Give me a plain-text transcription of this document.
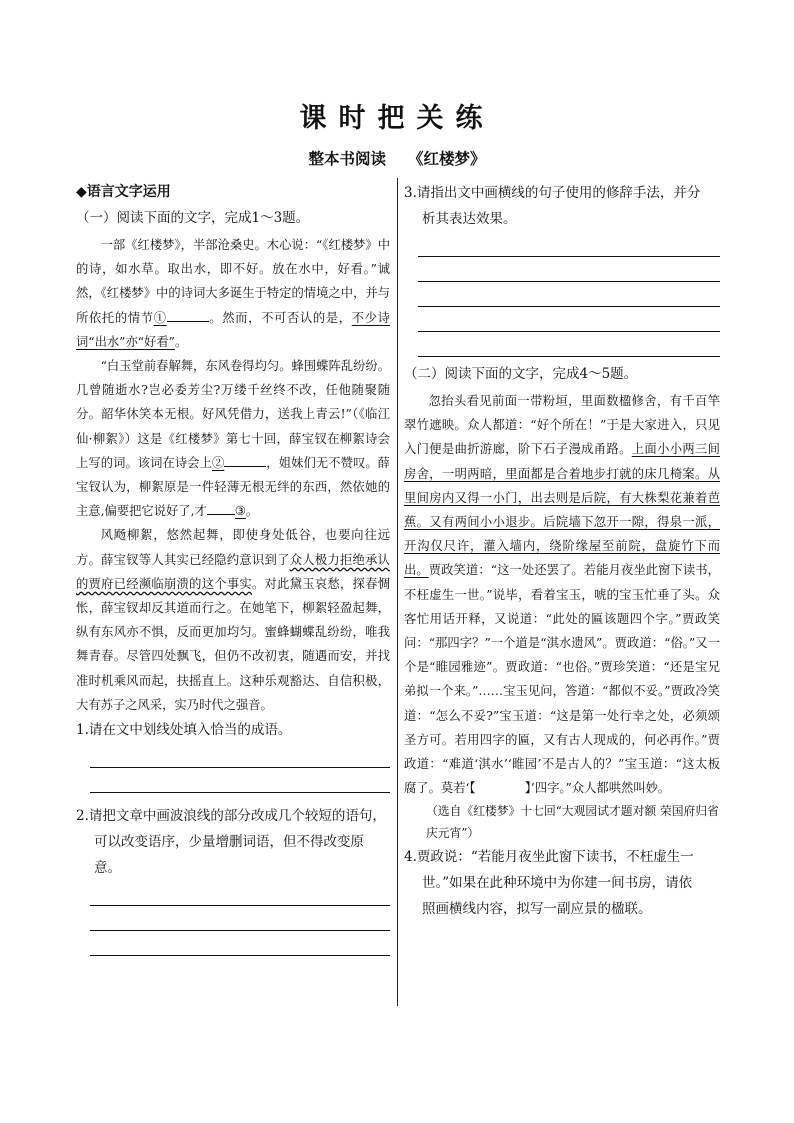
课时把关练
整本书阅读 《红楼梦》
◆语言文字运用
（一）阅读下面的文字，完成1～3题。

一部《红楼梦》，半部沧桑史。木心说：“《红楼梦》中的诗，如水草。取出水，即不好。放在水中，好看。”诚然，《红楼梦》中的诗词大多诞生于特定的情境之中，并与所依托的情节①	。然而，不可否认的是，不少诗词“出水”亦“好看”。

“白玉堂前春解舞，东风卷得均匀。蜂围蝶阵乱纷纷。几曾随逝水?岂必委芳尘?万缕千丝终不改，任他随聚随分。韶华休笑本无根。好风凭借力，送我上青云!”（《临江仙·柳絮》）这是《红楼梦》第七十回，薛宝钗在柳絮诗会上写的词。该词在诗会上②	，姐妹们无不赞叹。薛宝钗认为，柳絮原是一件轻薄无根无绊的东西，然依她的主意,偏要把它说好了,才 ③。

风飏柳絮，悠然起舞，即使身处低谷，也要向往远方。薛宝钗等人其实已经隐约意识到了众人极力拒绝承认的贾府已经濒临崩溃的这个事实。对此黛玉哀愁，探春惆怅，薛宝钗却反其道而行之。在她笔下，柳絮轻盈起舞，纵有东风亦不惧，反而更加均匀。蜜蜂蝴蝶乱纷纷，唯我舞青春。尽管四处飘飞，但仍不改初衷，随遇而安，并找准时机乘风而起，扶摇直上。这种乐观豁达、自信积极，大有苏子之风采，实乃时代之强音。

1.请在文中划线处填入恰当的成语。
2.请把文章中画波浪线的部分改成几个较短的语句，
可以改变语序，少量增删词语，但不得改变原意。
3.请指出文中画横线的句子使用的修辞手法，并分
析其表达效果。
（二）阅读下面的文字，完成4～5题。

忽抬头看见前面一带粉垣，里面数楹修舍，有千百竿翠竹遮映。众人都道：“好个所在！”于是大家进入，只见入门便是曲折游廊，阶下石子漫成甬路。上面小小两三间房舍，一明两暗，里面都是合着地步打就的床几椅案。从里间房内又得一小门，出去则是后院，有大株梨花兼着芭蕉。又有两间小小退步。后院墙下忽开一隙，得泉一派，开沟仅尺许，灌入墙内，绕阶缘屋至前院，盘旋竹下而出。贾政笑道：“这一处还罢了。若能月夜坐此窗下读书，不枉虚生一世。”说毕，看着宝玉，唬的宝玉忙垂了头。众客忙用话开释，又说道：“此处的匾该题四个字。”贾政笑问：“那四字？”一个道是“淇水遗风”。贾政道：“俗。”又一个是“睢园雅迹”。贾政道：“也俗。”贾珍笑道：“还是宝兄弟拟一个来。”……宝玉见问，答道：“都似不妥。”贾政冷笑道：“怎么不妥?”宝玉道：“这是第一处行幸之处，必须颂圣方可。若用四字的匾，又有古人现成的，何必再作。”贾政道：“难道‘淇水’‘睢园’不是古人的？”宝玉道：“这太板腐了。莫若‘【　　　　】’四字。”众人都哄然叫妙。

（选自《红楼梦》十七回“大观园试才题对额 荣国府归省庆元宵”）
4.贾政说：“若能月夜坐此窗下读书，不枉虚生一
世。”如果在此种环境中为你建一间书房，请依
照画横线内容，拟写一副应景的楹联。
